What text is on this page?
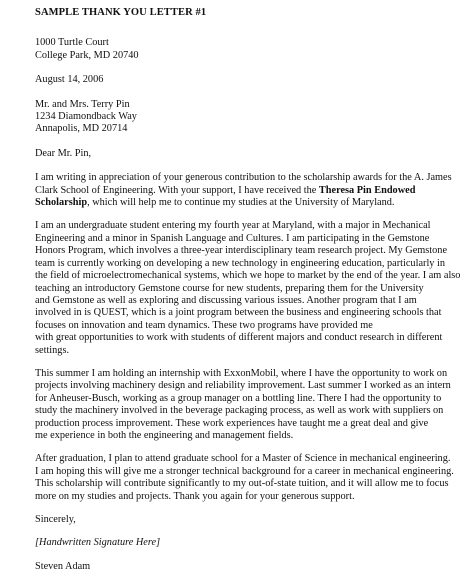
SAMPLE THANK YOU LETTER #1
1000 Turtle Court
College Park, MD 20740
August 14, 2006
Mr. and Mrs. Terry Pin
1234 Diamondback Way
Annapolis, MD 20714
Dear Mr. Pin,
I am writing in appreciation of your generous contribution to the scholarship awards for the A. James
Clark School of Engineering. With your support, I have received the Theresa Pin Endowed
Scholarship, which will help me to continue my studies at the University of Maryland.
I am an undergraduate student entering my fourth year at Maryland, with a major in Mechanical
Engineering and a minor in Spanish Language and Cultures. I am participating in the Gemstone
Honors Program, which involves a three-year interdisciplinary team research project. My Gemstone
team is currently working on developing a new technology in engineering education, particularly in
the field of microelectromechanical systems, which we hope to market by the end of the year. I am also
teaching an introductory Gemstone course for new students, preparing them for the University
and Gemstone as well as exploring and discussing various issues. Another program that I am
involved in is QUEST, which is a joint program between the business and engineering schools that
focuses on innovation and team dynamics. These two programs have provided me
with great opportunities to work with students of different majors and conduct research in different
settings.
This summer I am holding an internship with ExxonMobil, where I have the opportunity to work on
projects involving machinery design and reliability improvement. Last summer I worked as an intern
for Anheuser-Busch, working as a group manager on a bottling line. There I had the opportunity to
study the machinery involved in the beverage packaging process, as well as work with suppliers on
production process improvement. These work experiences have taught me a great deal and give
me experience in both the engineering and management fields.
After graduation, I plan to attend graduate school for a Master of Science in mechanical engineering.
I am hoping this will give me a stronger technical background for a career in mechanical engineering.
This scholarship will contribute significantly to my out-of-state tuition, and it will allow me to focus
more on my studies and projects. Thank you again for your generous support.
Sincerely,
[Handwritten Signature Here]
Steven Adam
